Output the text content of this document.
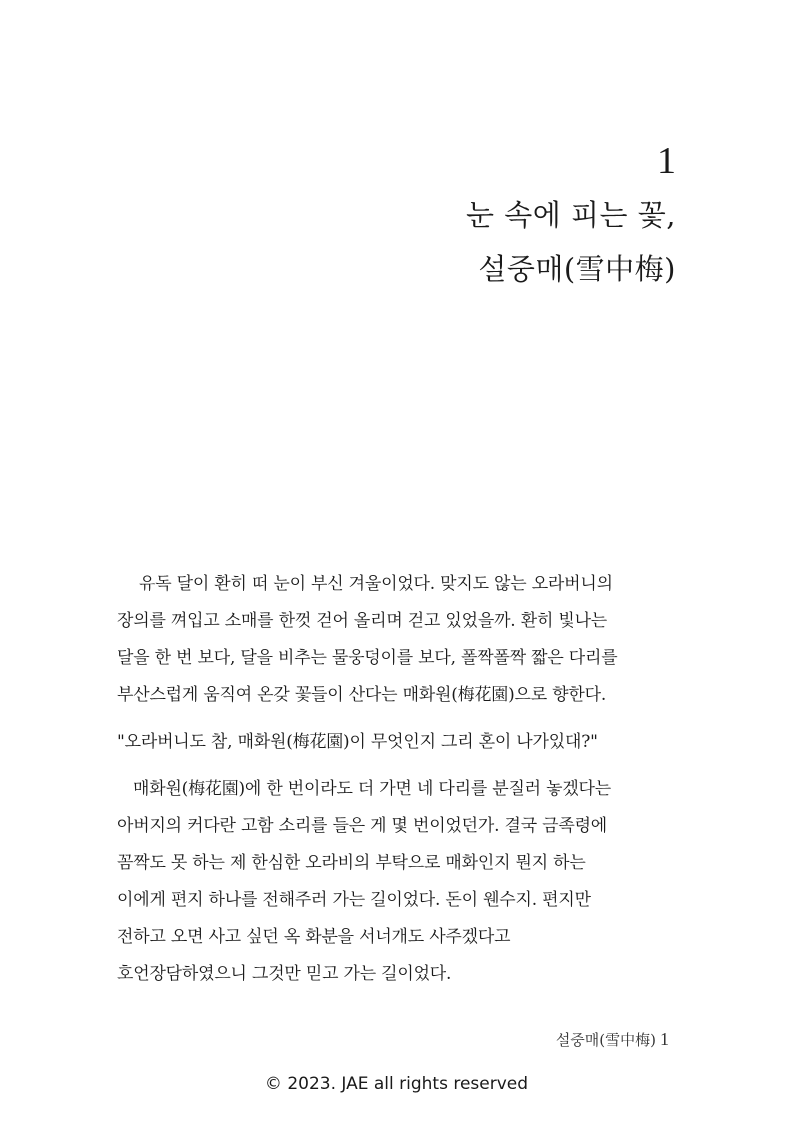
1
눈 속에 피는 꽃,
설중매(雪中梅)

유독 달이 환히 떠 눈이 부신 겨울이었다. 맞지도 않는 오라버니의
장의를 껴입고 소매를 한껏 걷어 올리며 걷고 있었을까. 환히 빛나는
달을 한 번 보다, 달을 비추는 물웅덩이를 보다, 폴짝폴짝 짧은 다리를
부산스럽게 움직여 온갖 꽃들이 산다는 매화원(梅花園)으로 향한다.

"오라버니도 참, 매화원(梅花園)이 무엇인지 그리 혼이 나가있대?"

매화원(梅花園)에 한 번이라도 더 가면 네 다리를 분질러 놓겠다는
아버지의 커다란 고함 소리를 들은 게 몇 번이었던가. 결국 금족령에
꼼짝도 못 하는 제 한심한 오라비의 부탁으로 매화인지 뭔지 하는
이에게 편지 하나를 전해주러 가는 길이었다. 돈이 웬수지. 편지만
전하고 오면 사고 싶던 옥 화분을 서너개도 사주겠다고
호언장담하였으니 그것만 믿고 가는 길이었다.

설중매(雪中梅) 1
© 2023. JAE all rights reserved
